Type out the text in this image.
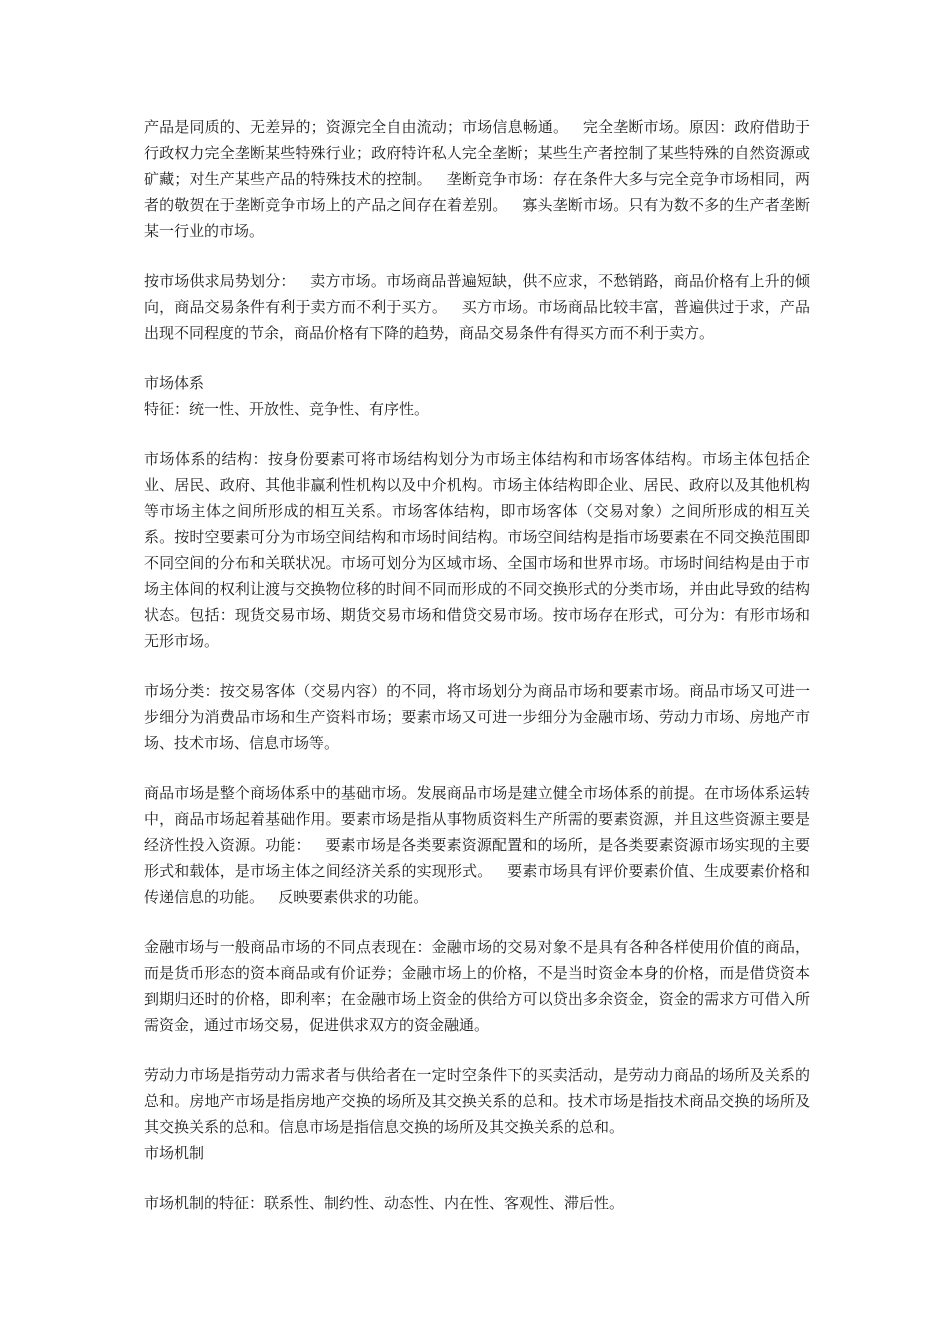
产品是同质的、无差异的；资源完全自由流动；市场信息畅通。   完全垄断市场。原因：政府借助于行政权力完全垄断某些特殊行业；政府特许私人完全垄断；某些生产者控制了某些特殊的自然资源或矿藏；对生产某些产品的特殊技术的控制。   垄断竞争市场：存在条件大多与完全竞争市场相同，两者的敬贺在于垄断竞争市场上的产品之间存在着差别。   寡头垄断市场。只有为数不多的生产者垄断某一行业的市场。

按市场供求局势划分：   卖方市场。市场商品普遍短缺，供不应求，不愁销路，商品价格有上升的倾向，商品交易条件有利于卖方而不利于买方。   买方市场。市场商品比较丰富，普遍供过于求，产品出现不同程度的节余，商品价格有下降的趋势，商品交易条件有得买方而不利于卖方。

市场体系

特征：统一性、开放性、竞争性、有序性。

市场体系的结构：按身份要素可将市场结构划分为市场主体结构和市场客体结构。市场主体包括企业、居民、政府、其他非赢利性机构以及中介机构。市场主体结构即企业、居民、政府以及其他机构等市场主体之间所形成的相互关系。市场客体结构，即市场客体（交易对象）之间所形成的相互关系。按时空要素可分为市场空间结构和市场时间结构。市场空间结构是指市场要素在不同交换范围即不同空间的分布和关联状况。市场可划分为区域市场、全国市场和世界市场。市场时间结构是由于市场主体间的权利让渡与交换物位移的时间不同而形成的不同交换形式的分类市场，并由此导致的结构状态。包括：现货交易市场、期货交易市场和借贷交易市场。按市场存在形式，可分为：有形市场和无形市场。

市场分类：按交易客体（交易内容）的不同，将市场划分为商品市场和要素市场。商品市场又可进一步细分为消费品市场和生产资料市场；要素市场又可进一步细分为金融市场、劳动力市场、房地产市场、技术市场、信息市场等。

商品市场是整个商场体系中的基础市场。发展商品市场是建立健全市场体系的前提。在市场体系运转中，商品市场起着基础作用。要素市场是指从事物质资料生产所需的要素资源，并且这些资源主要是经济性投入资源。功能：   要素市场是各类要素资源配置和的场所，是各类要素资源市场实现的主要形式和载体，是市场主体之间经济关系的实现形式。   要素市场具有评价要素价值、生成要素价格和传递信息的功能。   反映要素供求的功能。

金融市场与一般商品市场的不同点表现在：金融市场的交易对象不是具有各种各样使用价值的商品，而是货币形态的资本商品或有价证券；金融市场上的价格，不是当时资金本身的价格，而是借贷资本到期归还时的价格，即利率；在金融市场上资金的供给方可以贷出多余资金，资金的需求方可借入所需资金，通过市场交易，促进供求双方的资金融通。

劳动力市场是指劳动力需求者与供给者在一定时空条件下的买卖活动，是劳动力商品的场所及关系的总和。房地产市场是指房地产交换的场所及其交换关系的总和。技术市场是指技术商品交换的场所及其交换关系的总和。信息市场是指信息交换的场所及其交换关系的总和。

市场机制

市场机制的特征：联系性、制约性、动态性、内在性、客观性、滞后性。
